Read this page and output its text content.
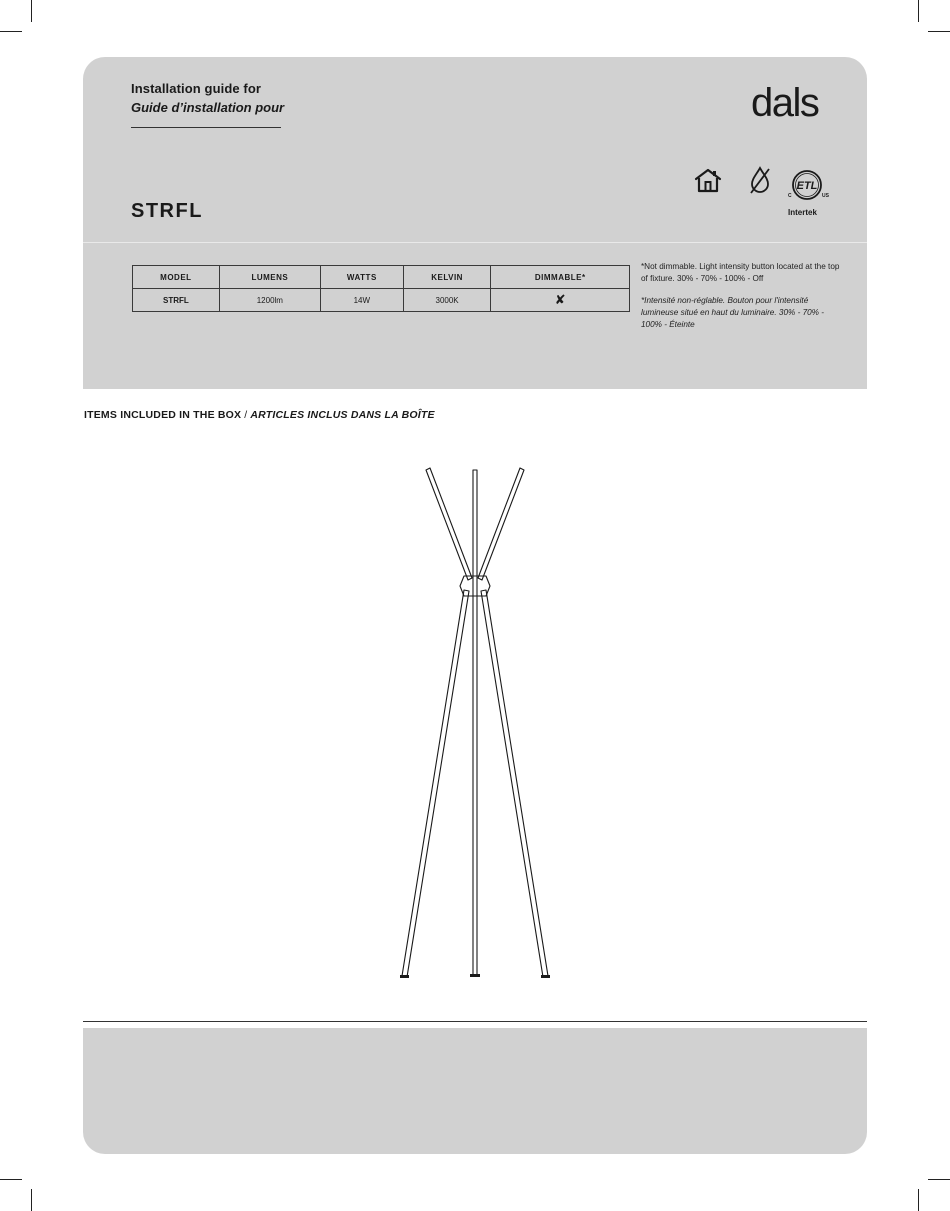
Installation guide for
Guide d’installation pour
STRFL
dals
ETL
C	US
Intertek
MODEL	LUMENS	WATTS	KELVIN	DIMMABLE*
STRFL	1200lm	14W	3000K	✘

*Not dimmable. Light intensity button located at the top of fixture. 30% - 70% - 100% - Off

*Intensité non-réglable. Bouton pour l'intensité lumineuse situé en haut du luminaire. 30% - 70% - 100% - Éteinte

ITEMS INCLUDED IN THE BOX / ARTICLES INCLUS DANS LA BOÎTE
